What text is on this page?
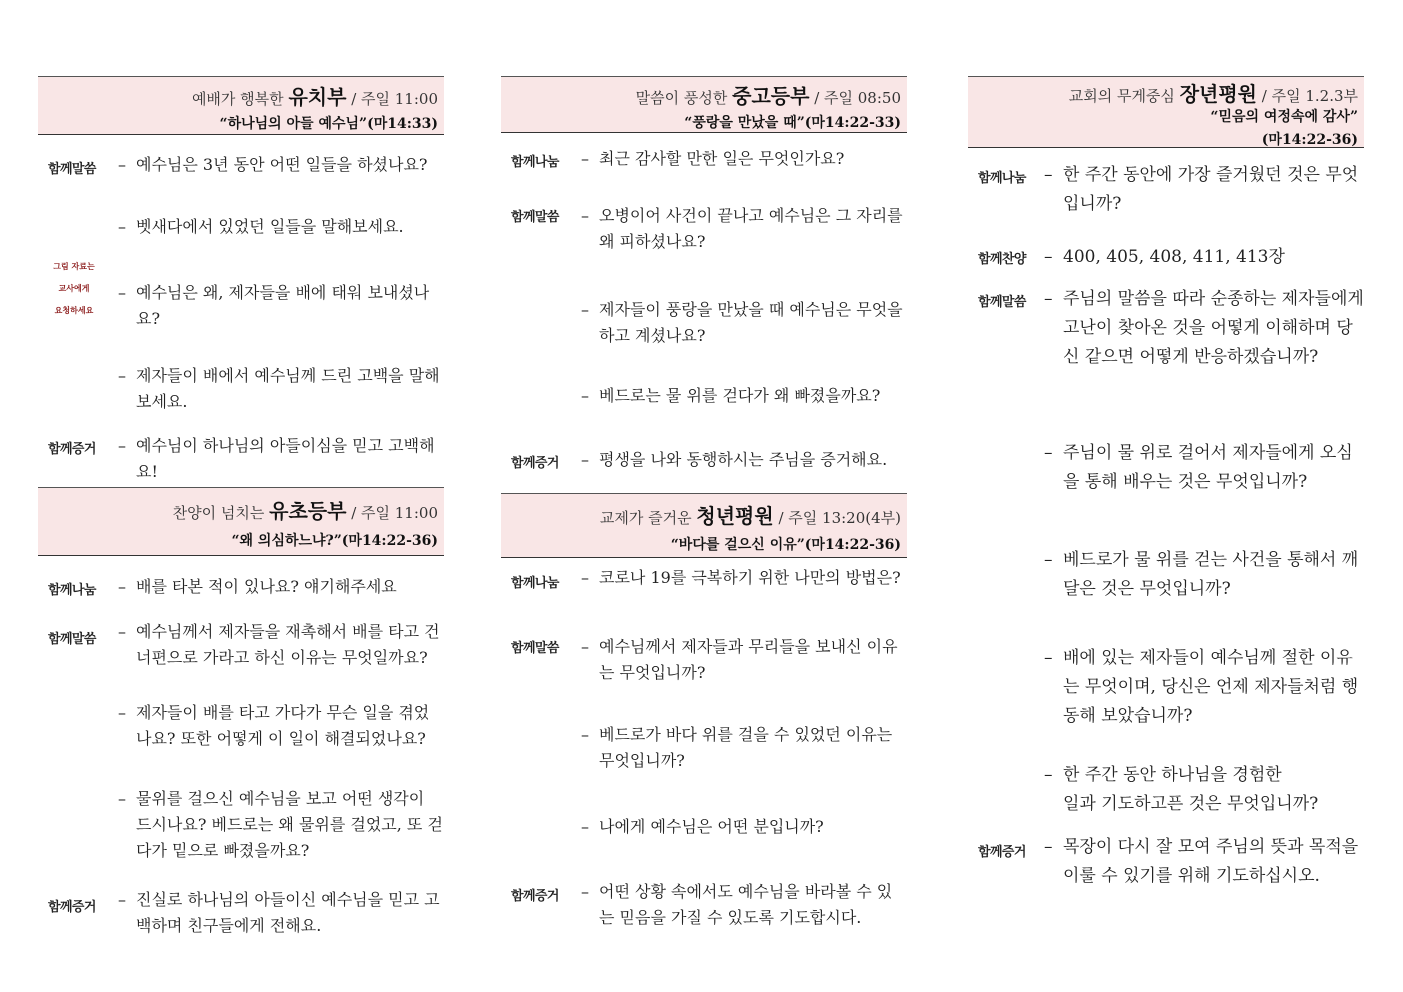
예배가 행복한 유치부 / 주일 11:00
“하나님의 아들 예수님”(마14:33)
함께말씀 – 예수님은 3년 동안 어떤 일들을 하셨나요?
– 벳새다에서 있었던 일들을 말해보세요.
그림 자료는
교사에게
요청하세요
– 예수님은 왜, 제자들을 배에 태워 보내셨나요?
– 제자들이 배에서 예수님께 드린 고백을 말해보세요.
함께증거 – 예수님이 하나님의 아들이심을 믿고 고백해요!
찬양이 넘치는 유초등부 / 주일 11:00
“왜 의심하느냐?”(마14:22-36)
함께나눔 – 배를 타본 적이 있나요? 얘기해주세요
함께말씀 – 예수님께서 제자들을 재촉해서 배를 타고 건너편으로 가라고 하신 이유는 무엇일까요?
– 제자들이 배를 타고 가다가 무슨 일을 겪었나요? 또한 어떻게 이 일이 해결되었나요?
– 물위를 걸으신 예수님을 보고 어떤 생각이 드시나요? 베드로는 왜 물위를 걸었고, 또 걷다가 밑으로 빠졌을까요?
함께증거 – 진실로 하나님의 아들이신 예수님을 믿고 고백하며 친구들에게 전해요.
말씀이 풍성한 중고등부 / 주일 08:50
“풍랑을 만났을 때”(마14:22-33)
함께나눔 – 최근 감사할 만한 일은 무엇인가요?
함께말씀 – 오병이어 사건이 끝나고 예수님은 그 자리를 왜 피하셨나요?
– 제자들이 풍랑을 만났을 때 예수님은 무엇을 하고 계셨나요?
– 베드로는 물 위를 걷다가 왜 빠졌을까요?
함께증거 – 평생을 나와 동행하시는 주님을 증거해요.
교제가 즐거운 청년평원 / 주일 13:20(4부)
“바다를 걸으신 이유”(마14:22-36)
함께나눔 – 코로나 19를 극복하기 위한 나만의 방법은?
함께말씀 – 예수님께서 제자들과 무리들을 보내신 이유는 무엇입니까?
– 베드로가 바다 위를 걸을 수 있었던 이유는 무엇입니까?
– 나에게 예수님은 어떤 분입니까?
함께증거 – 어떤 상황 속에서도 예수님을 바라볼 수 있는 믿음을 가질 수 있도록 기도합시다.
교회의 무게중심 장년평원 / 주일 1.2.3부
“믿음의 여정속에 감사”
(마14:22-36)
함께나눔 – 한 주간 동안에 가장 즐거웠던 것은 무엇입니까?
함께찬양 – 400, 405, 408, 411, 413장
함께말씀 – 주님의 말씀을 따라 순종하는 제자들에게 고난이 찾아온 것을 어떻게 이해하며 당신 같으면 어떻게 반응하겠습니까?
– 주님이 물 위로 걸어서 제자들에게 오심을 통해 배우는 것은 무엇입니까?
– 베드로가 물 위를 걷는 사건을 통해서 깨달은 것은 무엇입니까?
– 배에 있는 제자들이 예수님께 절한 이유는 무엇이며, 당신은 언제 제자들처럼 행동해 보았습니까?
– 한 주간 동안 하나님을 경험한
일과 기도하고픈 것은 무엇입니까?
함께증거 – 목장이 다시 잘 모여 주님의 뜻과 목적을 이룰 수 있기를 위해 기도하십시오.
